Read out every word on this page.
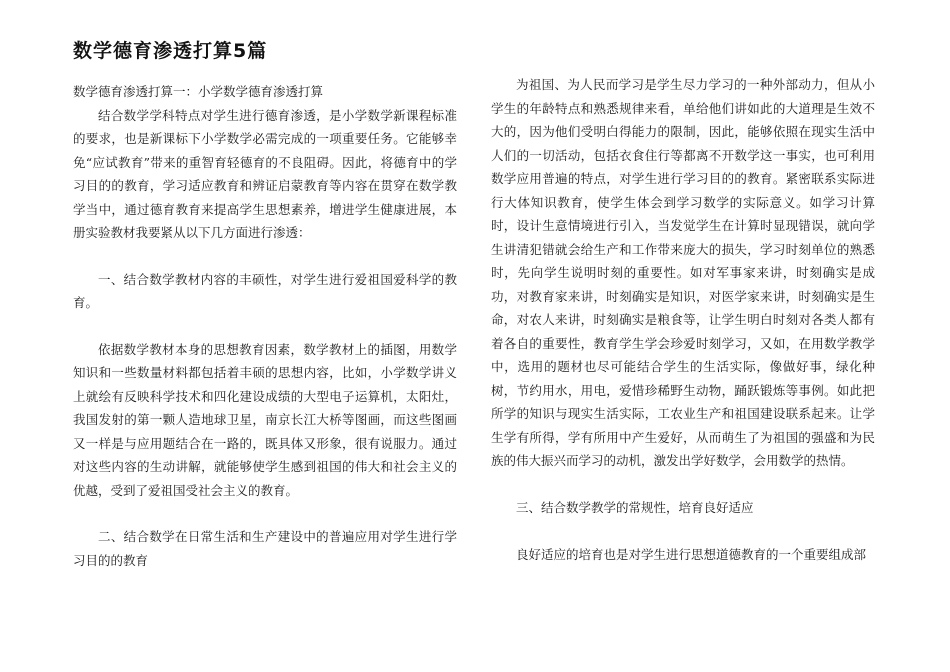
数学德育渗透打算5篇

数学德育渗透打算一：小学数学德育渗透打算

结合数学学科特点对学生进行德育渗透，是小学数学新课程标准的要求，也是新课标下小学数学必需完成的一项重要任务。它能够幸免“应试教育”带来的重智育轻德育的不良阻碍。因此，将德育中的学习目的的教育，学习适应教育和辨证启蒙教育等内容在贯穿在数学教学当中，通过德育教育来提高学生思想素养，增进学生健康进展，本册实验教材我要紧从以下几方面进行渗透：

一、结合数学教材内容的丰硕性，对学生进行爱祖国爱科学的教育。

依据数学教材本身的思想教育因素，数学教材上的插图，用数学知识和一些数量材料都包括着丰硕的思想内容，比如，小学数学讲义上就绘有反映科学技术和四化建设成绩的大型电子运算机，太阳灶，我国发射的第一颗人造地球卫星，南京长江大桥等图画，而这些图画又一样是与应用题结合在一路的，既具体又形象，很有说服力。通过对这些内容的生动讲解，就能够使学生感到祖国的伟大和社会主义的优越，受到了爱祖国受社会主义的教育。

二、结合数学在日常生活和生产建设中的普遍应用对学生进行学习目的的教育

为祖国、为人民而学习是学生尽力学习的一种外部动力，但从小学生的年龄特点和熟悉规律来看，单给他们讲如此的大道理是生效不大的，因为他们受明白得能力的限制，因此，能够依照在现实生活中人们的一切活动，包括衣食住行等都离不开数学这一事实，也可利用数学应用普遍的特点，对学生进行学习目的的教育。紧密联系实际进行大体知识教育，使学生体会到学习数学的实际意义。如学习计算时，设计生意情境进行引入，当发觉学生在计算时显现错误，就向学生讲清犯错就会给生产和工作带来庞大的损失，学习时刻单位的熟悉时，先向学生说明时刻的重要性。如对军事家来讲，时刻确实是成功，对教育家来讲，时刻确实是知识，对医学家来讲，时刻确实是生命，对农人来讲，时刻确实是粮食等，让学生明白时刻对各类人都有着各自的重要性，教育学生学会珍爱时刻学习，又如，在用数学教学中，选用的题材也尽可能结合学生的生活实际，像做好事，绿化种树，节约用水，用电，爱惜珍稀野生动物，踊跃锻炼等事例。如此把所学的知识与现实生活实际，工农业生产和祖国建设联系起来。让学生学有所得，学有所用中产生爱好，从而萌生了为祖国的强盛和为民族的伟大振兴而学习的动机，激发出学好数学，会用数学的热情。

三、结合数学教学的常规性，培育良好适应

良好适应的培育也是对学生进行思想道德教育的一个重要组成部
